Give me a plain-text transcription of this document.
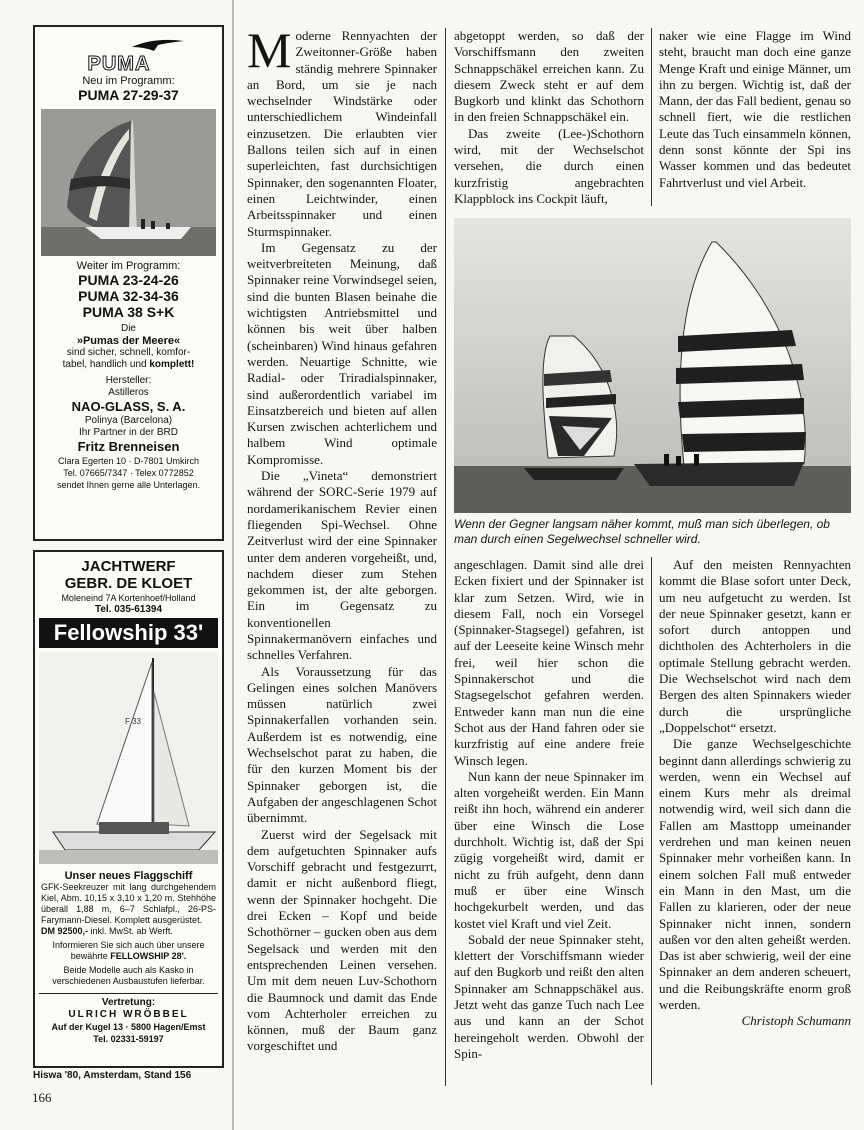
PUMA
Neu im Programm:
PUMA 27-29-37
Weiter im Programm:
PUMA 23-24-26
PUMA 32-34-36
PUMA 38 S+K
Die
»Pumas der Meere«
sind sicher, schnell, komfor-
tabel, handlich und komplett!
Hersteller:
Astilleros
NAO-GLASS, S. A.
Polinya (Barcelona)
Ihr Partner in der BRD
Fritz Brenneisen
Clara Egerten 10 · D-7801 Umkirch
Tel. 07665/7347 · Telex 0772852
sendet Ihnen gerne alle Unterlagen.
JACHTWERF
GEBR. DE KLOET
Moleneind 7A Kortenhoef/Holland
Tel. 035-61394
Fellowship 33'
F 33
Unser neues Flaggschiff
GFK-Seekreuzer mit lang durchgehendem Kiel, Abm. 10,15 x 3,10 x 1,20 m. Stehhöhe überall 1,88 m, 6–7 Schlafpl., 26-PS-Farymann-Diesel. Komplett ausgerüstet.
DM 92500,- inkl. MwSt. ab Werft.
Informieren Sie sich auch über unsere bewährte FELLOWSHIP 28'.
Beide Modelle auch als Kasko in verschiedenen Ausbaustufen lieferbar.
Vertretung:
ULRICH WRÖBBEL
Auf der Kugel 13 · 5800 Hagen/Emst
Tel. 02331-59197
Hiswa '80, Amsterdam, Stand 156

Moderne Rennyachten der Zweitonner-Größe haben ständig mehrere Spinnaker an Bord, um sie je nach wechselnder Windstärke oder unterschiedlichem Windeinfall einzusetzen. Die erlaubten vier Ballons teilen sich auf in einen superleichten, fast durchsichtigen Spinnaker, den sogenannten Floater, einen Leichtwinder, einen Arbeitsspinnaker und einen Sturmspinnaker.

Im Gegensatz zu der weitverbreiteten Meinung, daß Spinnaker reine Vorwindsegel seien, sind die bunten Blasen beinahe die wichtigsten Antriebsmittel und können bis weit über halben (scheinbaren) Wind hinaus gefahren werden. Neuartige Schnitte, wie Radial- oder Triradialspinnaker, sind außerordentlich variabel im Einsatzbereich und bieten auf allen Kursen zwischen achterlichem und halbem Wind optimale Kompromisse.

Die „Vineta“ demonstriert während der SORC-Serie 1979 auf nordamerikanischem Revier einen fliegenden Spi-Wechsel. Ohne Zeitverlust wird der eine Spinnaker unter dem anderen vorgeheißt, und, nachdem dieser zum Stehen gekommen ist, der alte geborgen. Ein im Gegensatz zu konventionellen Spinnakermanövern einfaches und schnelles Verfahren.

Als Voraussetzung für das Gelingen eines solchen Manövers müssen natürlich zwei Spinnakerfallen vorhanden sein. Außerdem ist es notwendig, eine Wechselschot parat zu haben, die für den kurzen Moment bis der Spinnaker geborgen ist, die Aufgaben der angeschlagenen Schot übernimmt.

Zuerst wird der Segelsack mit dem aufgetuchten Spinnaker aufs Vorschiff gebracht und festgezurrt, damit er nicht außenbord fliegt, wenn der Spinnaker hochgeht. Die drei Ecken – Kopf und beide Schothörner – gucken oben aus dem Segelsack und werden mit den entsprechenden Leinen versehen. Um mit dem neuen Luv-Schothorn die Baumnock und damit das Ende vom Achterholer erreichen zu können, muß der Baum ganz vorgeschiftet und

abgetoppt werden, so daß der Vorschiffsmann den zweiten Schnappschäkel erreichen kann. Zu diesem Zweck steht er auf dem Bugkorb und klinkt das Schothorn in den freien Schnappschäkel ein.

Das zweite (Lee-)Schothorn wird, mit der Wechselschot versehen, die durch einen kurzfristig angebrachten Klappblock ins Cockpit läuft,

naker wie eine Flagge im Wind steht, braucht man doch eine ganze Menge Kraft und einige Männer, um ihn zu bergen. Wichtig ist, daß der Mann, der das Fall bedient, genau so schnell fiert, wie die restlichen Leute das Tuch einsammeln können, denn sonst könnte der Spi ins Wasser kommen und das bedeutet Fahrtverlust und viel Arbeit.

Wenn der Gegner langsam näher kommt, muß man sich überlegen, ob man durch einen Segelwechsel schneller wird.

angeschlagen. Damit sind alle drei Ecken fixiert und der Spinnaker ist klar zum Setzen. Wird, wie in diesem Fall, noch ein Vorsegel (Spinnaker-Stagsegel) gefahren, ist auf der Leeseite keine Winsch mehr frei, weil hier schon die Spinnakerschot und die Stagsegelschot gefahren werden. Entweder kann man nun die eine Schot aus der Hand fahren oder sie kurzfristig auf eine andere freie Winsch legen.

Nun kann der neue Spinnaker im alten vorgeheißt werden. Ein Mann reißt ihn hoch, während ein anderer über eine Winsch die Lose durchholt. Wichtig ist, daß der Spi zügig vorgeheißt wird, damit er nicht zu früh aufgeht, denn dann muß er über eine Winsch hochgekurbelt werden, und das kostet viel Kraft und viel Zeit.

Sobald der neue Spinnaker steht, klettert der Vorschiffsmann wieder auf den Bugkorb und reißt den alten Spinnaker am Schnappschäkel aus. Jetzt weht das ganze Tuch nach Lee aus und kann an der Schot hereingeholt werden. Obwohl der Spin-

Auf den meisten Rennyachten kommt die Blase sofort unter Deck, um neu aufgetucht zu werden. Ist der neue Spinnaker gesetzt, kann er sofort durch antoppen und dichtholen des Achterholers in die optimale Stellung gebracht werden. Die Wechselschot wird nach dem Bergen des alten Spinnakers wieder durch die ursprüngliche „Doppelschot“ ersetzt.

Die ganze Wechselgeschichte beginnt dann allerdings schwierig zu werden, wenn ein Wechsel auf einem Kurs mehr als dreimal notwendig wird, weil sich dann die Fallen am Masttopp umeinander verdrehen und man keinen neuen Spinnaker mehr vorheißen kann. In einem solchen Fall muß entweder ein Mann in den Mast, um die Fallen zu klarieren, oder der neue Spinnaker nicht innen, sondern außen vor den alten geheißt werden. Das ist aber schwierig, weil der eine Spinnaker an dem anderen scheuert, und die Reibungskräfte enorm groß werden.

Christoph Schumann

166
